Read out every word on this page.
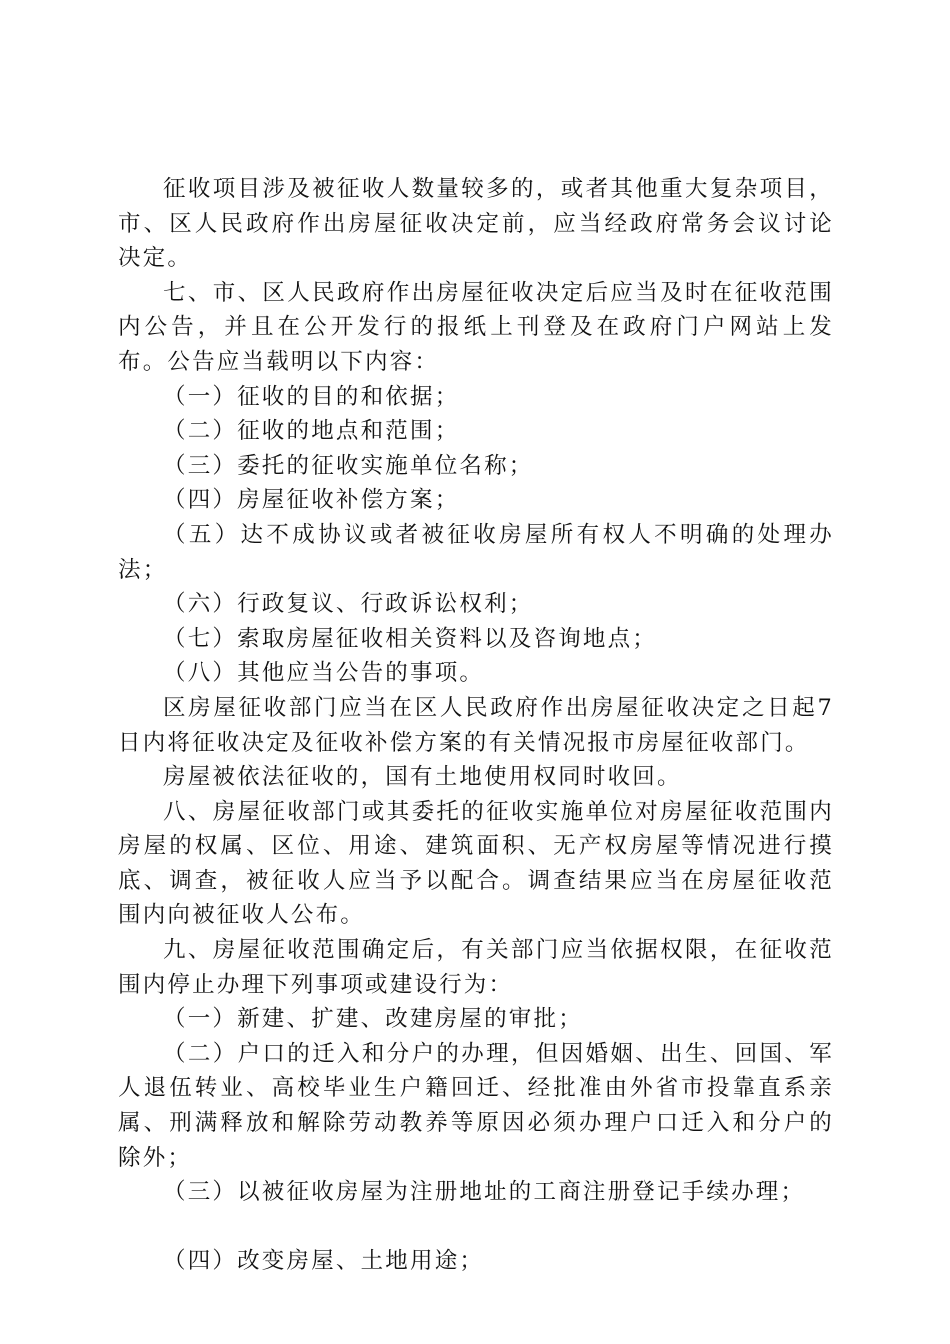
征收项目涉及被征收人数量较多的，或者其他重大复杂项目，市、区人民政府作出房屋征收决定前，应当经政府常务会议讨论决定。

七、市、区人民政府作出房屋征收决定后应当及时在征收范围内公告，并且在公开发行的报纸上刊登及在政府门户网站上发布。公告应当载明以下内容：

（一）征收的目的和依据；

（二）征收的地点和范围；

（三）委托的征收实施单位名称；

（四）房屋征收补偿方案；

（五）达不成协议或者被征收房屋所有权人不明确的处理办法；

（六）行政复议、行政诉讼权利；

（七）索取房屋征收相关资料以及咨询地点；

（八）其他应当公告的事项。

区房屋征收部门应当在区人民政府作出房屋征收决定之日起7日内将征收决定及征收补偿方案的有关情况报市房屋征收部门。

房屋被依法征收的，国有土地使用权同时收回。

八、房屋征收部门或其委托的征收实施单位对房屋征收范围内房屋的权属、区位、用途、建筑面积、无产权房屋等情况进行摸底、调查，被征收人应当予以配合。调查结果应当在房屋征收范围内向被征收人公布。

九、房屋征收范围确定后，有关部门应当依据权限，在征收范围内停止办理下列事项或建设行为：

（一）新建、扩建、改建房屋的审批；

（二）户口的迁入和分户的办理，但因婚姻、出生、回国、军人退伍转业、高校毕业生户籍回迁、经批准由外省市投靠直系亲属、刑满释放和解除劳动教养等原因必须办理户口迁入和分户的除外；

（三）以被征收房屋为注册地址的工商注册登记手续办理；

（四）改变房屋、土地用途；
